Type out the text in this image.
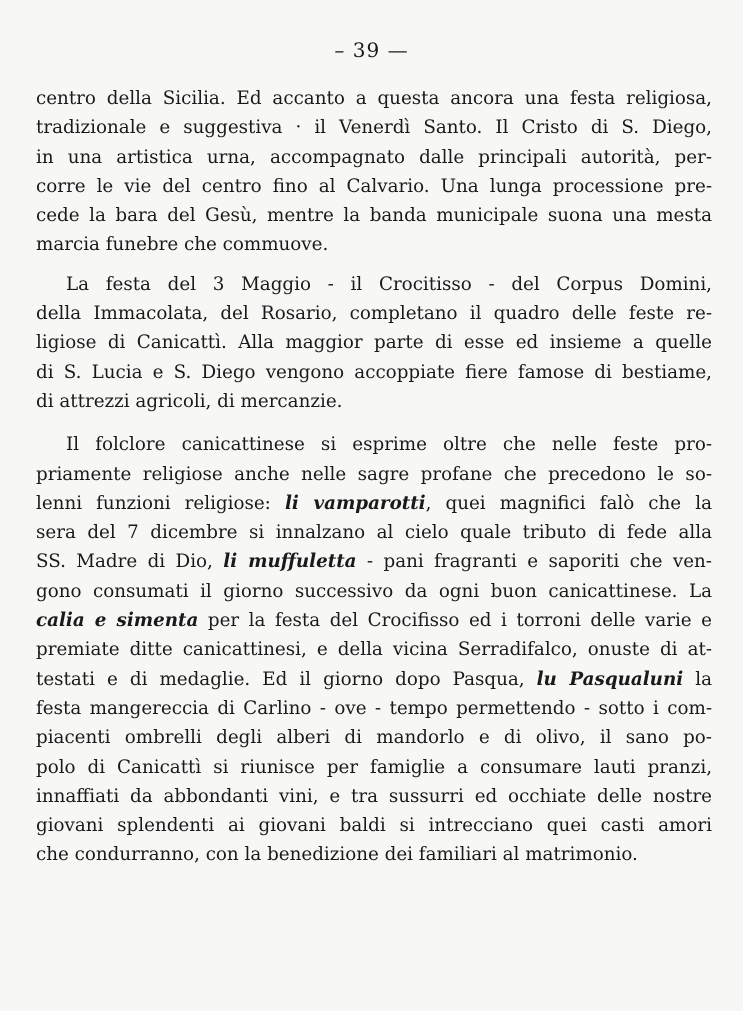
– 39 —

centro della Sicilia. Ed accanto a questa ancora una festa religiosa,
tradizionale e suggestiva · il Venerdì Santo. Il Cristo di S. Diego,
in una artistica urna, accompagnato dalle principali autorità, per-
corre le vie del centro fino al Calvario. Una lunga processione pre-
cede la bara del Gesù, mentre la banda municipale suona una mesta
marcia funebre che commuove.

La festa del 3 Maggio - il Crocitisso - del Corpus Domini,
della Immacolata, del Rosario, completano il quadro delle feste re-
ligiose di Canicattì. Alla maggior parte di esse ed insieme a quelle
di S. Lucia e S. Diego vengono accoppiate fiere famose di bestiame,
di attrezzi agricoli, di mercanzie.

Il folclore canicattinese si esprime oltre che nelle feste pro-
priamente religiose anche nelle sagre profane che precedono le so-
lenni funzioni religiose: li vamparotti, quei magnifici falò che la
sera del 7 dicembre si innalzano al cielo quale tributo di fede alla
SS. Madre di Dio, li muffuletta - pani fragranti e saporiti che ven-
gono consumati il giorno successivo da ogni buon canicattinese. La
calia e simenta per la festa del Crocifisso ed i torroni delle varie e
premiate ditte canicattinesi, e della vicina Serradifalco, onuste di at-
testati e di medaglie. Ed il giorno dopo Pasqua, lu Pasqualuni la
festa mangereccia di Carlino - ove - tempo permettendo - sotto i com-
piacenti ombrelli degli alberi di mandorlo e di olivo, il sano po-
polo di Canicattì si riunisce per famiglie a consumare lauti pranzi,
innaffiati da abbondanti vini, e tra sussurri ed occhiate delle nostre
giovani splendenti ai giovani baldi si intrecciano quei casti amori
che condurranno, con la benedizione dei familiari al matrimonio.
